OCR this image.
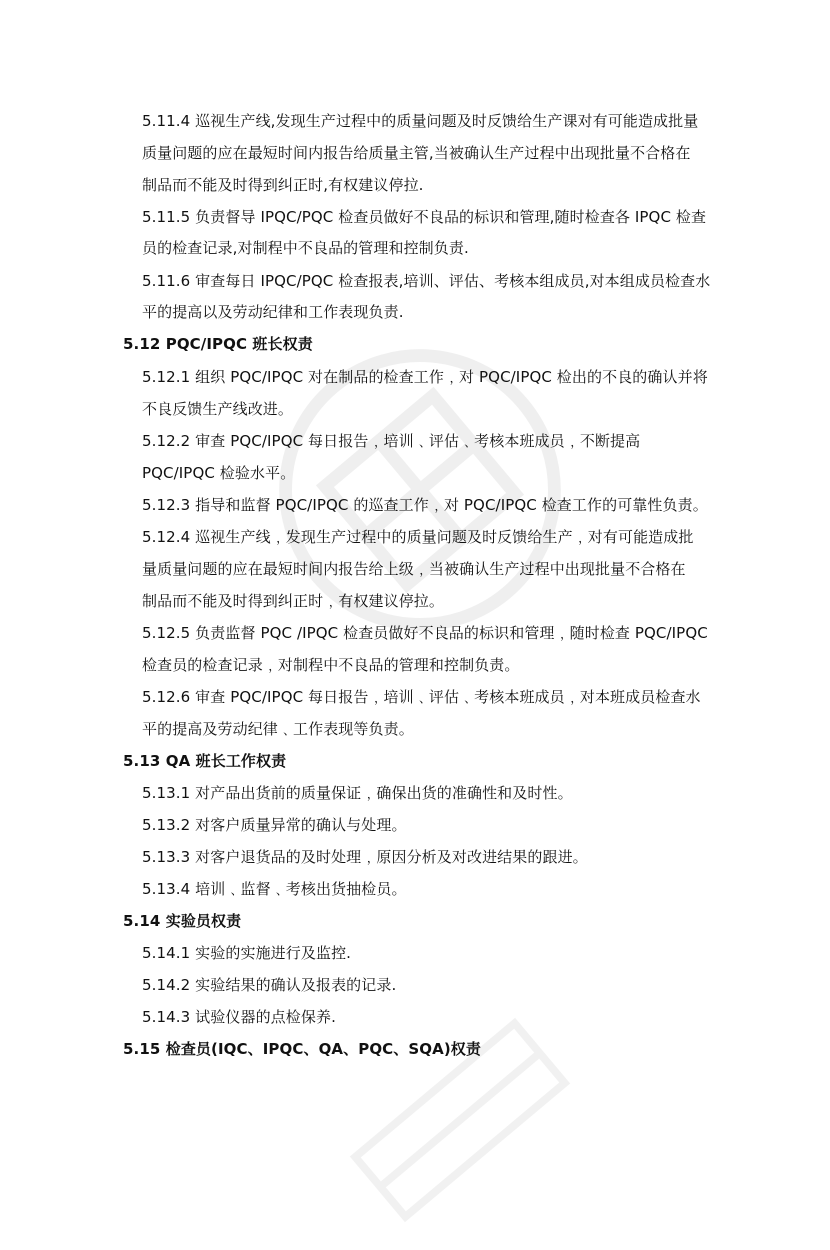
5.11.4 巡视生产线,发现生产过程中的质量问题及时反馈给生产课对有可能造成批量
质量问题的应在最短时间内报告给质量主管,当被确认生产过程中出现批量不合格在
制品而不能及时得到纠正时,有权建议停拉.
5.11.5 负责督导 IPQC/PQC 检查员做好不良品的标识和管理,随时检查各 IPQC 检查
员的检查记录,对制程中不良品的管理和控制负责.
5.11.6 审查每日 IPQC/PQC 检查报表,培训、评估、考核本组成员,对本组成员检查水
平的提高以及劳动纪律和工作表现负责.
5.12 PQC/IPQC 班长权责
5.12.1 组织 PQC/IPQC 对在制品的检查工作﹐对 PQC/IPQC 检出的不良的确认并将
不良反馈生产线改进。
5.12.2 审查 PQC/IPQC 每日报告﹐培训﹑评估﹑考核本班成员﹐不断提高
PQC/IPQC 检验水平。
5.12.3 指导和监督 PQC/IPQC 的巡查工作﹐对 PQC/IPQC 检查工作的可靠性负责。
5.12.4 巡视生产线﹐发现生产过程中的质量问题及时反馈给生产﹐对有可能造成批
量质量问题的应在最短时间内报告给上级﹐当被确认生产过程中出现批量不合格在
制品而不能及时得到纠正时﹐有权建议停拉。
5.12.5 负责监督 PQC /IPQC 检查员做好不良品的标识和管理﹐随时检查 PQC/IPQC
检查员的检查记录﹐对制程中不良品的管理和控制负责。
5.12.6 审查 PQC/IPQC 每日报告﹐培训﹑评估﹑考核本班成员﹐对本班成员检查水
平的提高及劳动纪律﹑工作表现等负责。
5.13 QA 班长工作权责
5.13.1 对产品出货前的质量保证﹐确保出货的准确性和及时性。
5.13.2 对客户质量异常的确认与处理。
5.13.3 对客户退货品的及时处理﹐原因分析及对改进结果的跟进。
5.13.4 培训﹑监督﹑考核出货抽检员。
5.14 实验员权责
5.14.1 实验的实施进行及监控.
5.14.2 实验结果的确认及报表的记录.
5.14.3 试验仪器的点检保养.
5.15 检查员(IQC、IPQC、QA、PQC、SQA)权责
